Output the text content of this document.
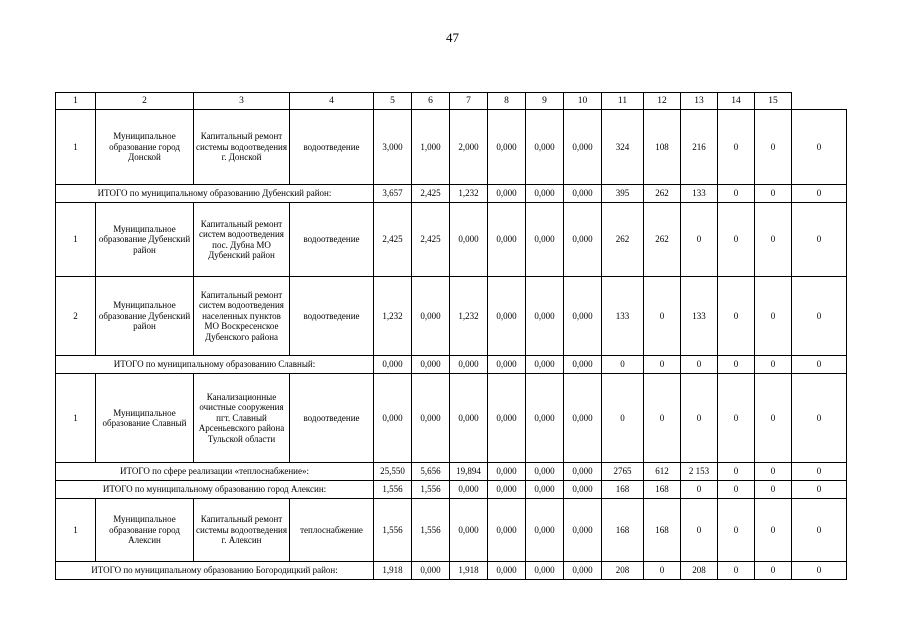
47
1	2	3	4	5	6	7	8	9	10	11	12	13	14	15	
1	Муниципальное образование город Донской	Капитальный ремонт системы водоотведения г. Донской	водоотведение	3,000	1,000	2,000	0,000	0,000	0,000	324	108	216	0	0	0
ИТОГО по муниципальному образованию Дубенский район:				3,657	2,425	1,232	0,000	0,000	0,000	395	262	133	0	0	0
1	Муниципальное образование Дубенский район	Капитальный ремонт систем водоотведения пос. Дубна МО Дубенский район	водоотведение	2,425	2,425	0,000	0,000	0,000	0,000	262	262	0	0	0	0
2	Муниципальное образование Дубенский район	Капитальный ремонт систем водоотведения населенных пунктов МО Воскресенское Дубенского района	водоотведение	1,232	0,000	1,232	0,000	0,000	0,000	133	0	133	0	0	0
ИТОГО по муниципальному образованию Славный:				0,000	0,000	0,000	0,000	0,000	0,000	0	0	0	0	0	0
1	Муниципальное образование Славный	Канализационные очистные сооружения пгт. Славный Арсеньевского района Тульской области	водоотведение	0,000	0,000	0,000	0,000	0,000	0,000	0	0	0	0	0	0
ИТОГО по сфере реализации «теплоснабжение»:				25,550	5,656	19,894	0,000	0,000	0,000	2765	612	2 153	0	0	0
ИТОГО по муниципальному образованию город Алексин:				1,556	1,556	0,000	0,000	0,000	0,000	168	168	0	0	0	0
1	Муниципальное образование город Алексин	Капитальный ремонт системы водоотведения г. Алексин	теплоснабжение	1,556	1,556	0,000	0,000	0,000	0,000	168	168	0	0	0	0
ИТОГО по муниципальному образованию Богородицкий район:				1,918	0,000	1,918	0,000	0,000	0,000	208	0	208	0	0	0
